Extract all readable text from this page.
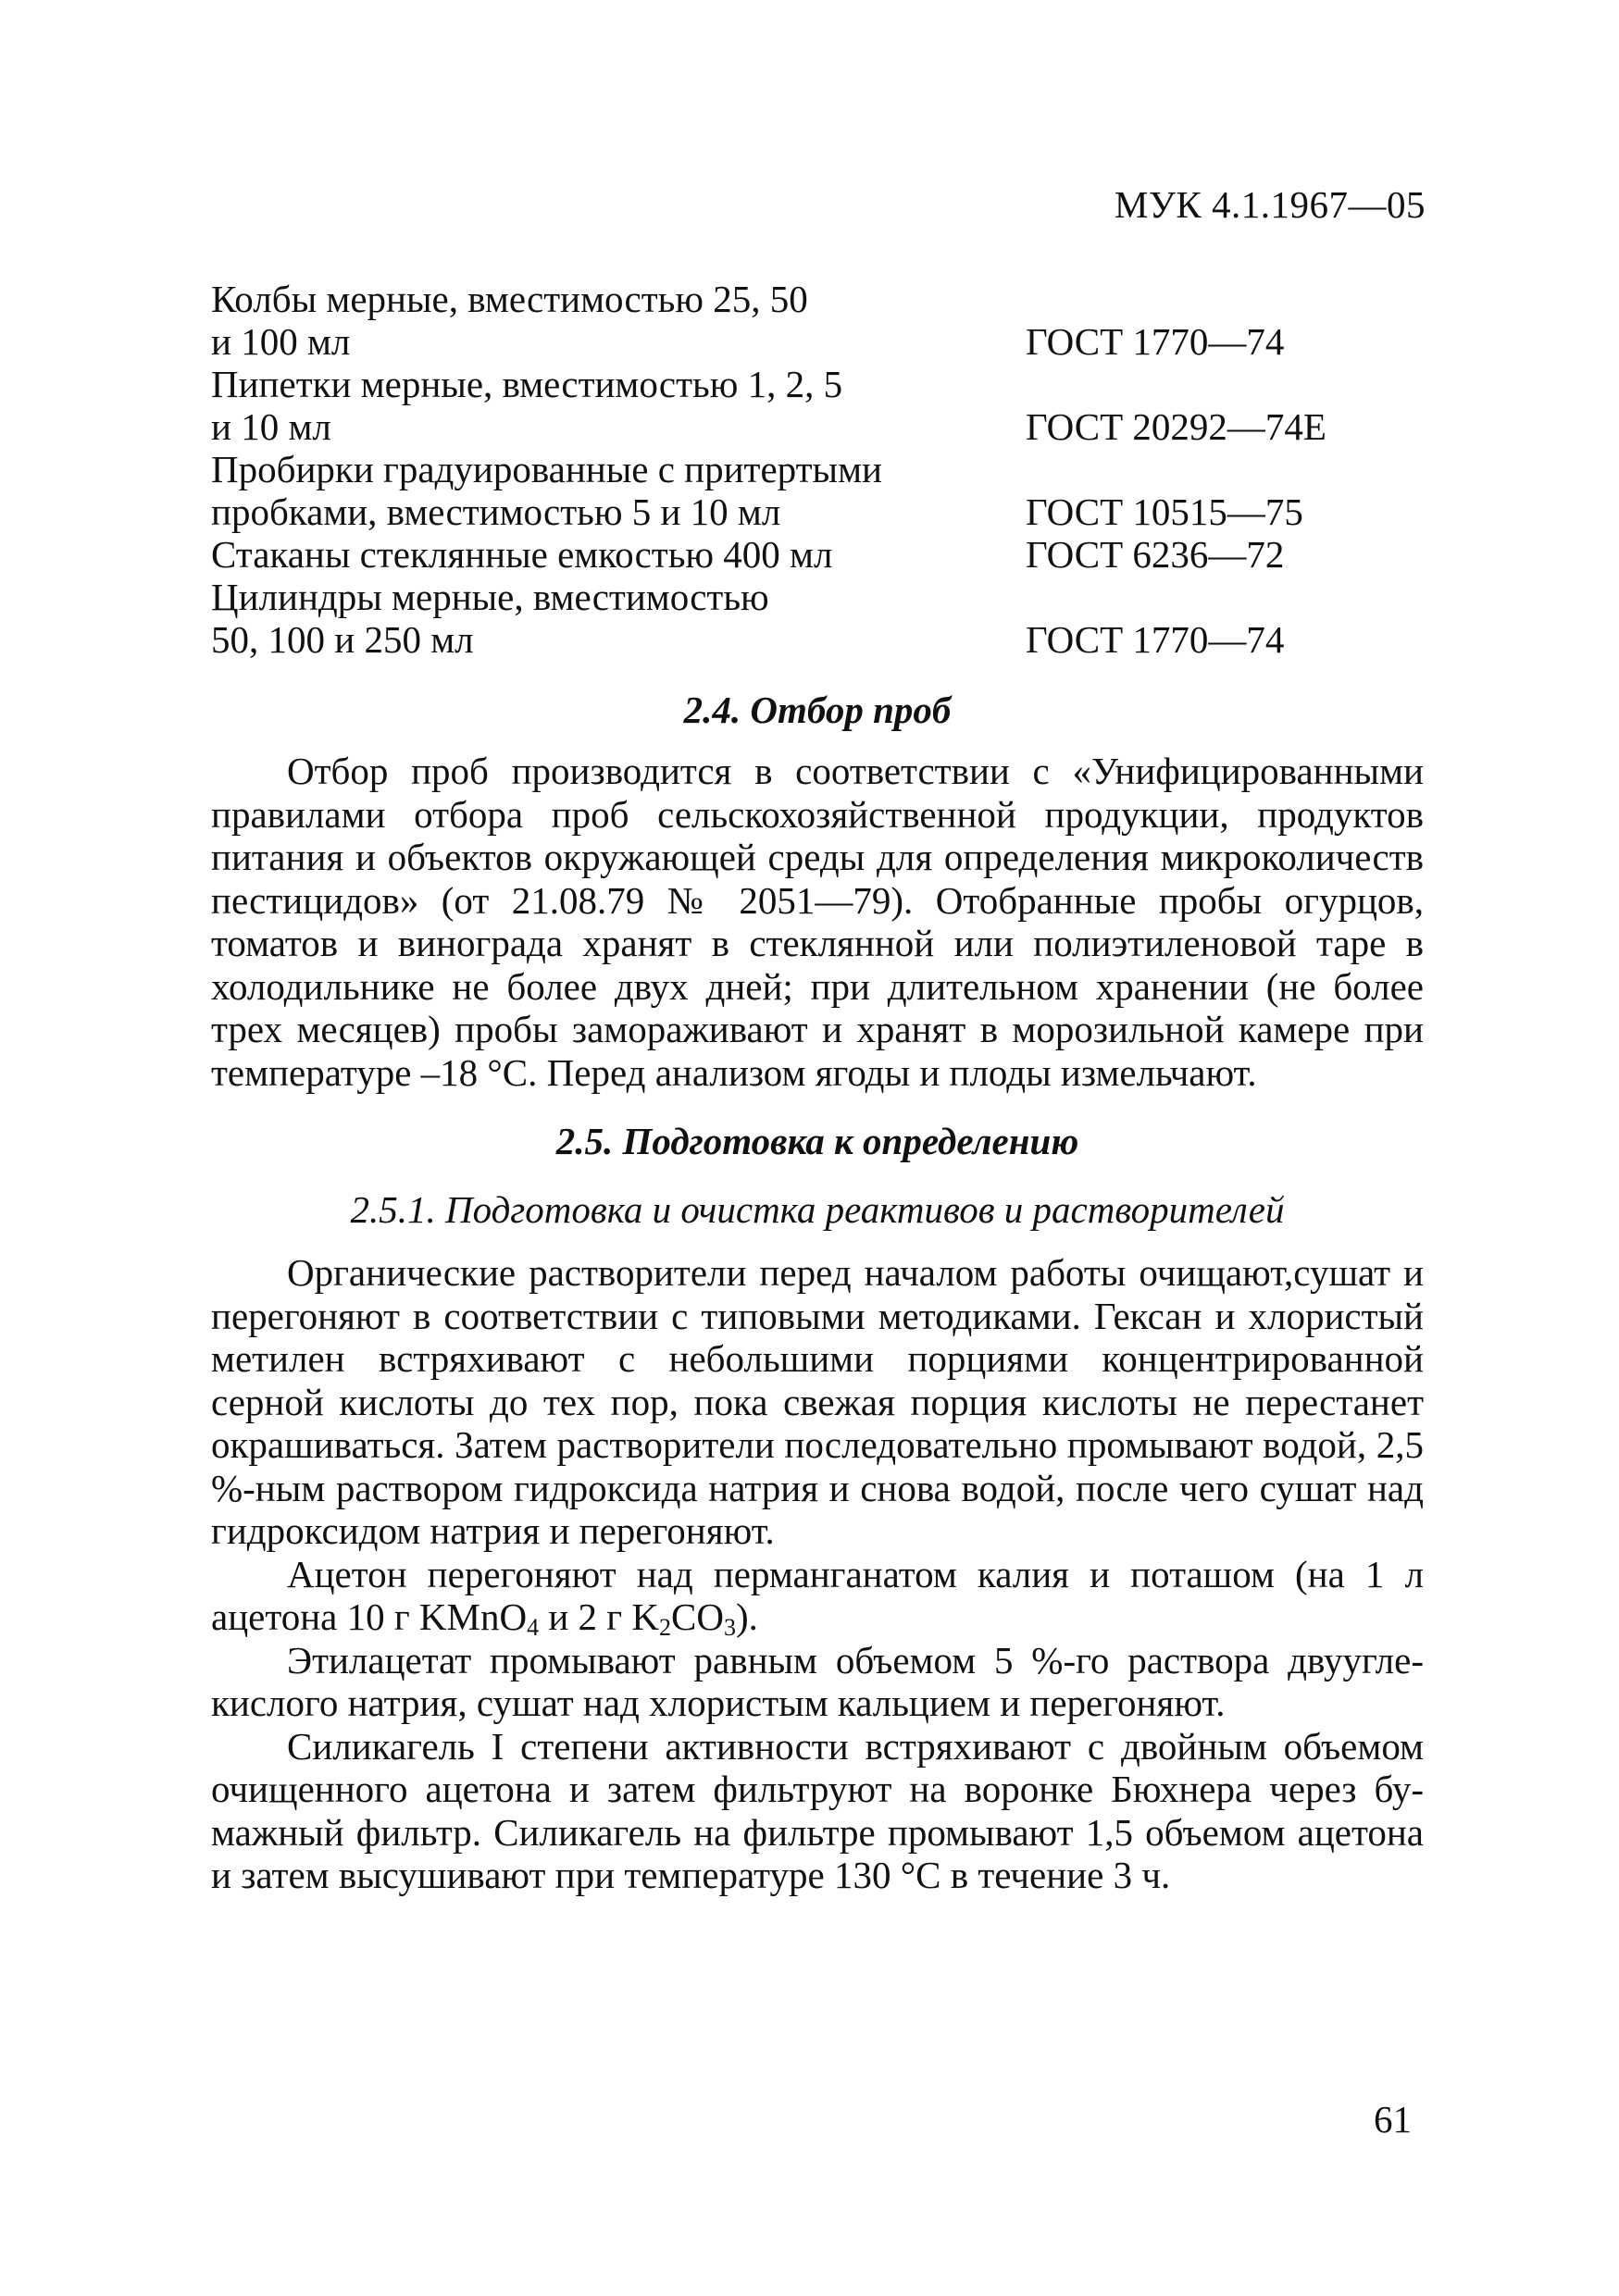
МУК 4.1.1967—05
Колбы мерные, вместимостью 25, 50
и 100 мл	ГОСТ 1770—74
Пипетки мерные, вместимостью 1, 2, 5
и 10 мл	ГОСТ 20292—74Е
Пробирки градуированные с притертыми
пробками, вместимостью 5 и 10 мл	ГОСТ 10515—75
Стаканы стеклянные емкостью 400 мл	ГОСТ 6236—72
Цилиндры мерные, вместимостью
50, 100 и 250 мл	ГОСТ 1770—74
2.4. Отбор проб

Отбор проб производится в соответствии с «Унифицированными правилами отбора проб сельскохозяйственной продукции, продуктов питания и объектов окружающей среды для определения микроколичеств пестицидов» (от 21.08.79 № 2051—79). Отобранные пробы огурцов, томатов и винограда хранят в стеклянной или полиэтиленовой таре в холодильнике не более двух дней; при длительном хранении (не более трех месяцев) пробы замораживают и хранят в морозильной камере при температуре –18 °С. Перед анализом ягоды и плоды измельчают.

2.5. Подготовка к определению
2.5.1. Подготовка и очистка реактивов и растворителей

Органические растворители перед началом работы очищают,сушат и перегоняют в соответствии с типовыми методиками. Гексан и хлористый метилен встряхивают с небольшими порциями концентрированной серной кислоты до тех пор, пока свежая порция кислоты не перестанет окрашиваться. Затем растворители последовательно промывают водой, 2,5 %-ным раствором гидроксида натрия и снова водой, после чего сушат над гидроксидом натрия и перегоняют.

Ацетон перегоняют над перманганатом калия и поташом (на 1 л ацетона 10 г KMnO$_4$ и 2 г $K_2CO_3$).

Этилацетат промывают равным объемом 5 %-го раствора двууглекислого натрия, сушат над хлористым кальцием и перегоняют.

Силикагель I степени активности встряхивают с двойным объемом очищенного ацетона и затем фильтруют на воронке Бюхнера через бумажный фильтр. Силикагель на фильтре промывают 1,5 объемом ацетона и затем высушивают при температуре 130 °С в течение 3 ч.

61
